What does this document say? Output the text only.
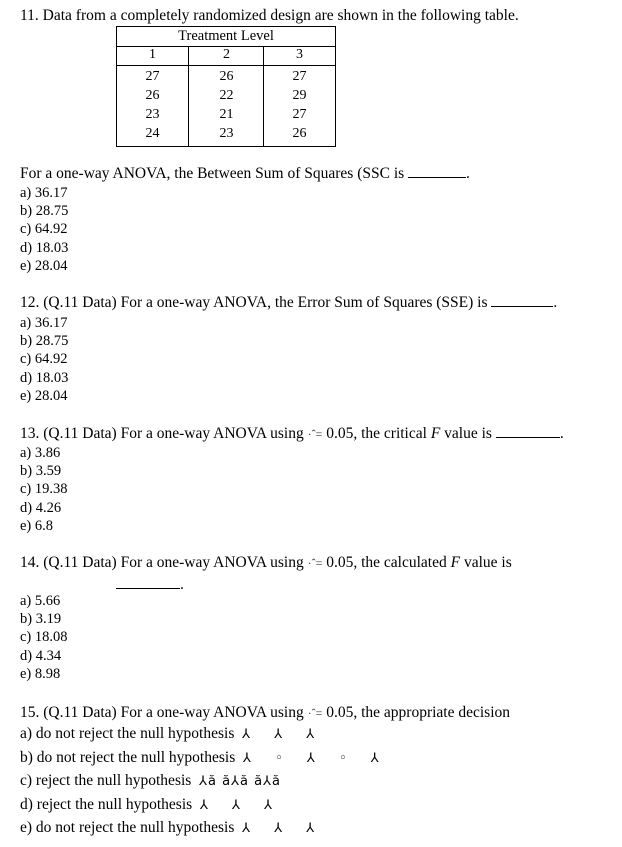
11. Data from a completely randomized design are shown in the following table.
Treatment Level
1	2	3
27	26	27
26	22	29
23	21	27
24	23	26
For a one-way ANOVA, the Between Sum of Squares (SSC is	.
a) 36.17
b) 28.75
c) 64.92
d) 18.03
e) 28.04
12. (Q.11 Data) For a one-way ANOVA, the Error Sum of Squares (SSE) is	.
a) 36.17
b) 28.75
c) 64.92
d) 18.03
e) 28.04
13. (Q.11 Data) For a one-way ANOVA using ·ˆ= 0.05, the critical F value is	.
a) 3.86
b) 3.59
c) 19.38
d) 4.26
e) 6.8
14. (Q.11 Data) For a one-way ANOVA using ·ˆ= 0.05, the calculated F value is
.
a) 5.66
b) 3.19
c) 18.08
d) 4.34
e) 8.98
15. (Q.11 Data) For a one-way ANOVA using ·ˆ= 0.05, the appropriate decision
a) do not reject the null hypothesis ⅄ ⅄ ⅄
b) do not reject the null hypothesis ⅄ ◦ ⅄ ◦ ⅄
c) reject the null hypothesis ⅄ă ă⅄ă ă⅄ă
d) reject the null hypothesis ⅄ ⅄ ⅄
e) do not reject the null hypothesis ⅄ ⅄ ⅄
